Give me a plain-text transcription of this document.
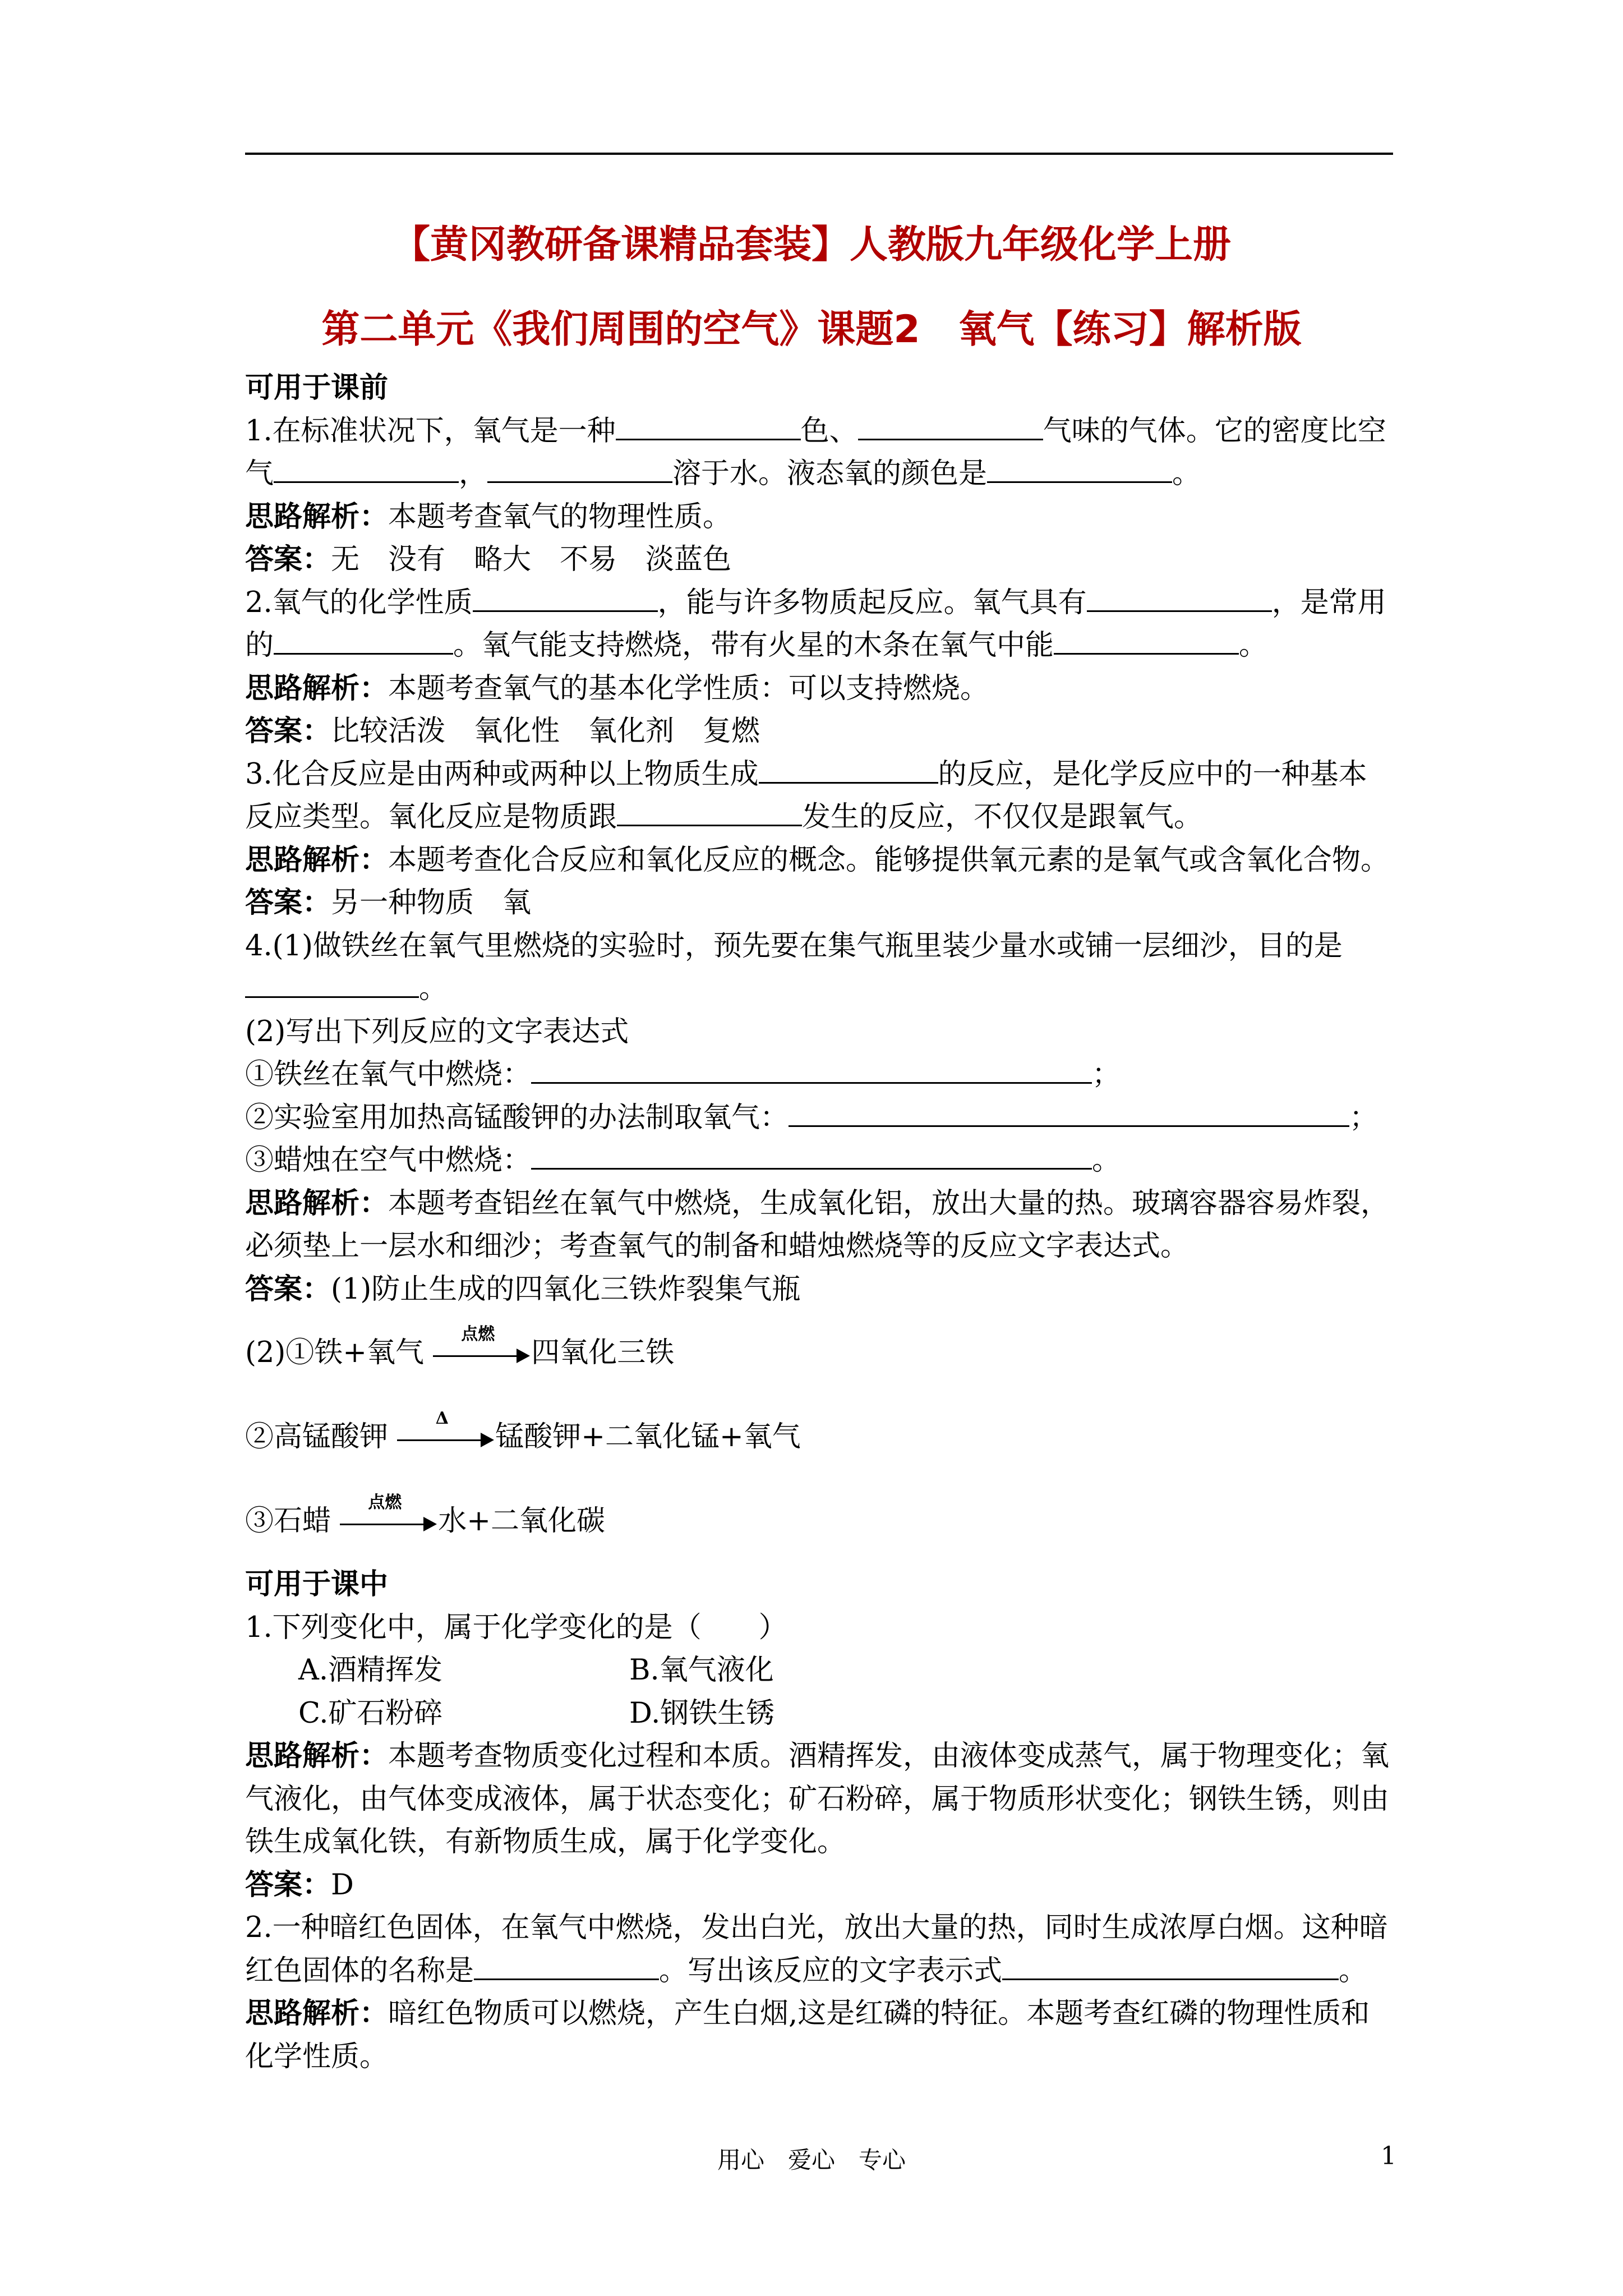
【黄冈教研备课精品套装】人教版九年级化学上册
第二单元《我们周围的空气》课题2　氧气【练习】解析版
可用于课前
1.在标准状况下，氧气是一种	色、	气味的气体。它的密度比空
气	，	溶于水。液态氧的颜色是	。
思路解析：本题考查氧气的物理性质。
答案：无　没有　略大　不易　淡蓝色
2.氧气的化学性质	，能与许多物质起反应。氧气具有	，是常用
的	。氧气能支持燃烧，带有火星的木条在氧气中能	。
思路解析：本题考查氧气的基本化学性质：可以支持燃烧。
答案：比较活泼　氧化性　氧化剂　复燃
3.化合反应是由两种或两种以上物质生成	的反应，是化学反应中的一种基本
反应类型。氧化反应是物质跟	发生的反应，不仅仅是跟氧气。
思路解析：本题考查化合反应和氧化反应的概念。能够提供氧元素的是氧气或含氧化合物。
答案：另一种物质　氧
4.(1)做铁丝在氧气里燃烧的实验时，预先要在集气瓶里装少量水或铺一层细沙，目的是
。
(2)写出下列反应的文字表达式
①铁丝在氧气中燃烧：	；
②实验室用加热高锰酸钾的办法制取氧气：	；
③蜡烛在空气中燃烧：	。
思路解析：本题考查铝丝在氧气中燃烧，生成氧化铝，放出大量的热。玻璃容器容易炸裂，
必须垫上一层水和细沙；考查氧气的制备和蜡烛燃烧等的反应文字表达式。
答案：(1)防止生成的四氧化三铁炸裂集气瓶
(2)①铁+氧气
点燃
四氧化三铁
②高锰酸钾
Δ
锰酸钾+二氧化锰+氧气
③石蜡
点燃
水+二氧化碳
可用于课中
1.下列变化中，属于化学变化的是（　　）
A.酒精挥发	B.氧气液化
C.矿石粉碎	D.钢铁生锈
思路解析：本题考查物质变化过程和本质。酒精挥发，由液体变成蒸气，属于物理变化；氧
气液化，由气体变成液体，属于状态变化；矿石粉碎，属于物质形状变化；钢铁生锈，则由
铁生成氧化铁，有新物质生成，属于化学变化。
答案：D
2.一种暗红色固体，在氧气中燃烧，发出白光，放出大量的热，同时生成浓厚白烟。这种暗
红色固体的名称是	。写出该反应的文字表示式	。
思路解析：暗红色物质可以燃烧，产生白烟,这是红磷的特征。本题考查红磷的物理性质和
化学性质。
用心　爱心　专心	1
